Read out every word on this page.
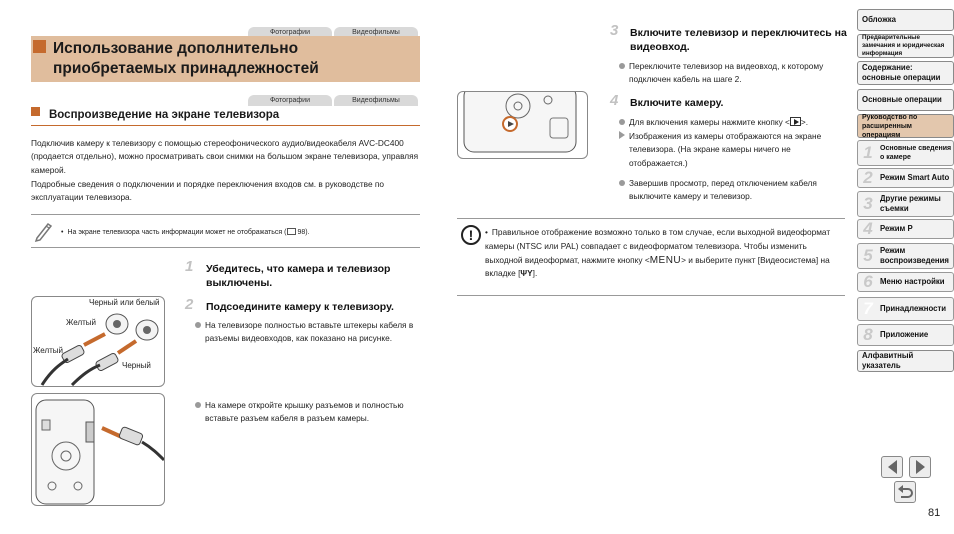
Фотографии	Видеофильмы
Использование дополнительно приобретаемых принадлежностей
Фотографии	Видеофильмы
Воспроизведение на экране телевизора
Подключив камеру к телевизору с помощью стереофонического аудио/видеокабеля AVC-DC400 (продается отдельно), можно просматривать свои снимки на большом экране телевизора, управляя камерой.
Подробные сведения о подключении и порядке переключения входов см. в руководстве по эксплуатации телевизора.
• На экране телевизора часть информации может не отображаться ( 98).
1 Убедитесь, что камера и телевизор выключены.
2 Подсоедините камеру к телевизору.
На телевизоре полностью вставьте штекеры кабеля в разъемы видеовходов, как показано на рисунке.
На камере откройте крышку разъемов и полностью вставьте разъем кабеля в разъем камеры.
Черный или белый
Желтый
Желтый
Черный
3 Включите телевизор и переключитесь на видеовход.
Переключите телевизор на видеовход, к которому подключен кабель на шаге 2.
4 Включите камеру.
Для включения камеры нажмите кнопку < >.
Изображения из камеры отображаются на экране телевизора. (На экране камеры ничего не отображается.)
Завершив просмотр, перед отключением кабеля выключите камеру и телевизор.
!	• Правильное отображение возможно только в том случае, если выходной видеоформат камеры (NTSC или PAL) совпадает с видеоформатом телевизора. Чтобы изменить выходной видеоформат, нажмите кнопку <MENU> и выберите пункт [Видеосистема] на вкладке [ΨΥ].
Обложка
Предварительные замечания и юридическая информация
Содержание: основные операции
Основные операции
Руководство по расширенным операциям
1	Основные сведения о камере
2 Режим Smart Auto
3 Другие режимы съемки
4 Режим P
5 Режим воспроизведения
6 Меню настройки
7 Принадлежности
8 Приложение
Алфавитный указатель
81
